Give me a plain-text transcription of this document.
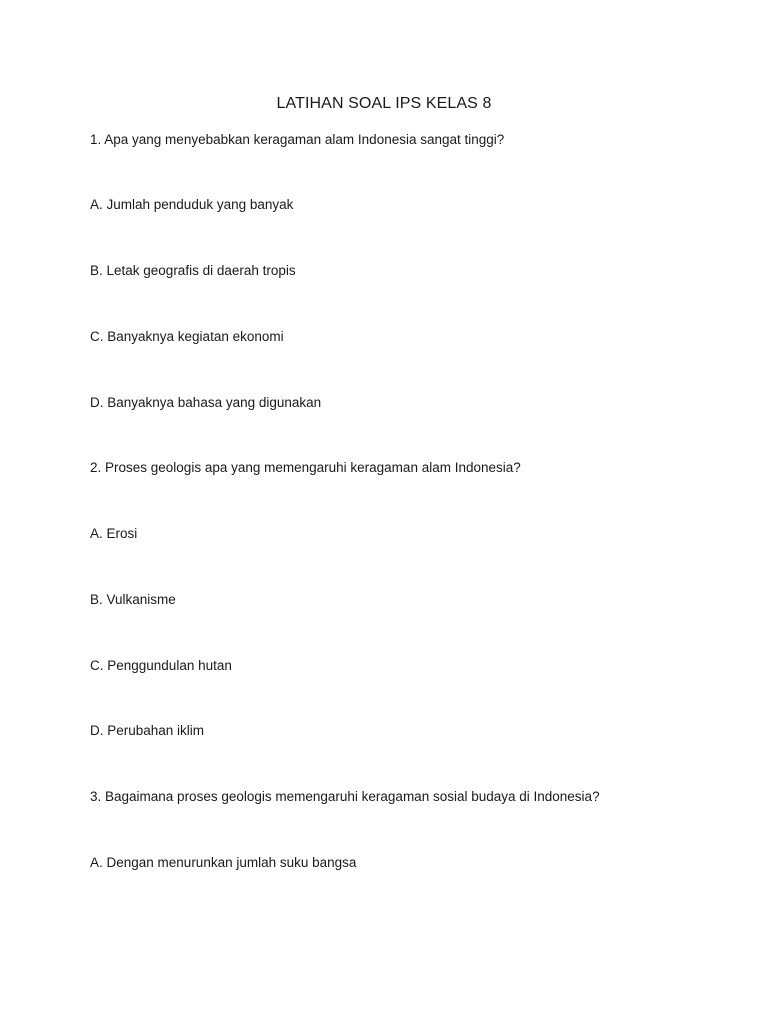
LATIHAN SOAL IPS KELAS 8

1. Apa yang menyebabkan keragaman alam Indonesia sangat tinggi?

A. Jumlah penduduk yang banyak

B. Letak geografis di daerah tropis

C. Banyaknya kegiatan ekonomi

D. Banyaknya bahasa yang digunakan

2. Proses geologis apa yang memengaruhi keragaman alam Indonesia?

A. Erosi

B. Vulkanisme

C. Penggundulan hutan

D. Perubahan iklim

3. Bagaimana proses geologis memengaruhi keragaman sosial budaya di Indonesia?

A. Dengan menurunkan jumlah suku bangsa
